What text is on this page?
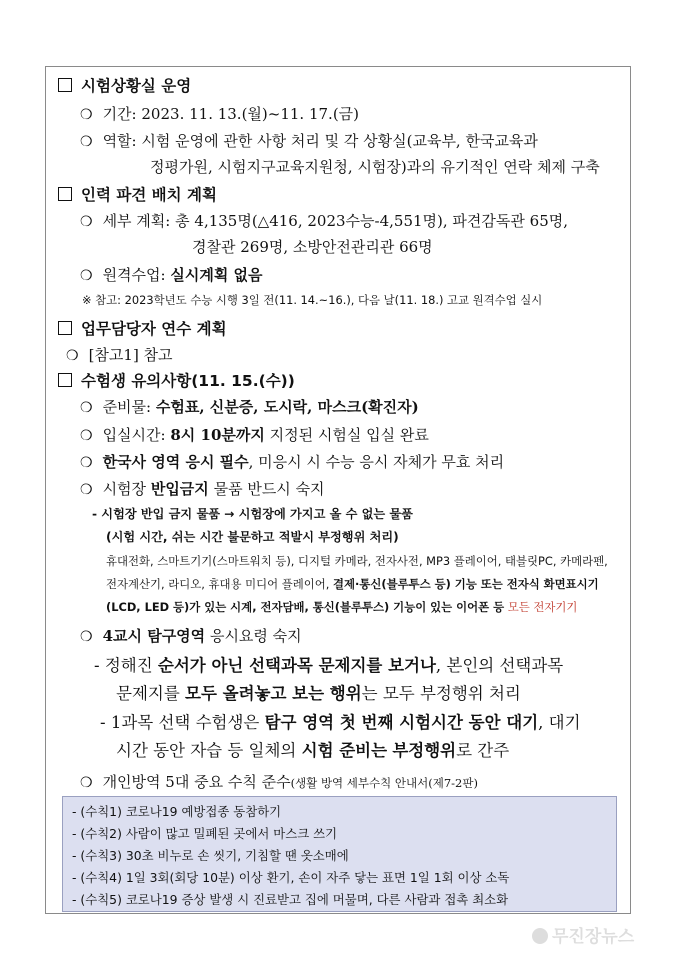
시험상황실 운영
❍ 기간: 2023. 11. 13.(월)~11. 17.(금)
❍ 역할: 시험 운영에 관한 사항 처리 및 각 상황실(교육부, 한국교육과
정평가원, 시험지구교육지원청, 시험장)과의 유기적인 연락 체제 구축
인력 파견 배치 계획
❍ 세부 계획: 총 4,135명(△416, 2023수능-4,551명), 파견감독관 65명,
경찰관 269명, 소방안전관리관 66명
❍ 원격수업: 실시계획 없음
※ 참고: 2023학년도 수능 시행 3일 전(11. 14.~16.), 다음 날(11. 18.) 고교 원격수업 실시
업무담당자 연수 계획
❍ [참고1] 참고
수험생 유의사항(11. 15.(수))
❍ 준비물: 수험표, 신분증, 도시락, 마스크(확진자)
❍ 입실시간: 8시 10분까지 지정된 시험실 입실 완료
❍ 한국사 영역 응시 필수, 미응시 시 수능 응시 자체가 무효 처리
❍ 시험장 반입금지 물품 반드시 숙지
- 시험장 반입 금지 물품 → 시험장에 가지고 올 수 없는 물품
(시험 시간, 쉬는 시간 불문하고 적발시 부정행위 처리)
휴대전화, 스마트기기(스마트워치 등), 디지털 카메라, 전자사전, MP3 플레이어, 태블릿PC, 카메라펜,
전자계산기, 라디오, 휴대용 미디어 플레이어, 결제·통신(블루투스 등) 기능 또는 전자식 화면표시기
(LCD, LED 등)가 있는 시계, 전자담배, 통신(블루투스) 기능이 있는 이어폰 등 모든 전자기기
❍ 4교시 탐구영역 응시요령 숙지
- 정해진 순서가 아닌 선택과목 문제지를 보거나, 본인의 선택과목
문제지를 모두 올려놓고 보는 행위는 모두 부정행위 처리
- 1과목 선택 수험생은 탐구 영역 첫 번째 시험시간 동안 대기, 대기
시간 동안 자습 등 일체의 시험 준비는 부정행위로 간주
❍ 개인방역 5대 중요 수칙 준수(생활 방역 세부수칙 안내서(제7-2판)
- (수칙1) 코로나19 예방접종 동참하기
- (수칙2) 사람이 많고 밀폐된 곳에서 마스크 쓰기
- (수칙3) 30초 비누로 손 씻기, 기침할 땐 옷소매에
- (수칙4) 1일 3회(회당 10분) 이상 환기, 손이 자주 닿는 표면 1일 1회 이상 소독
- (수칙5) 코로나19 증상 발생 시 진료받고 집에 머물며, 다른 사람과 접촉 최소화
무진장뉴스
